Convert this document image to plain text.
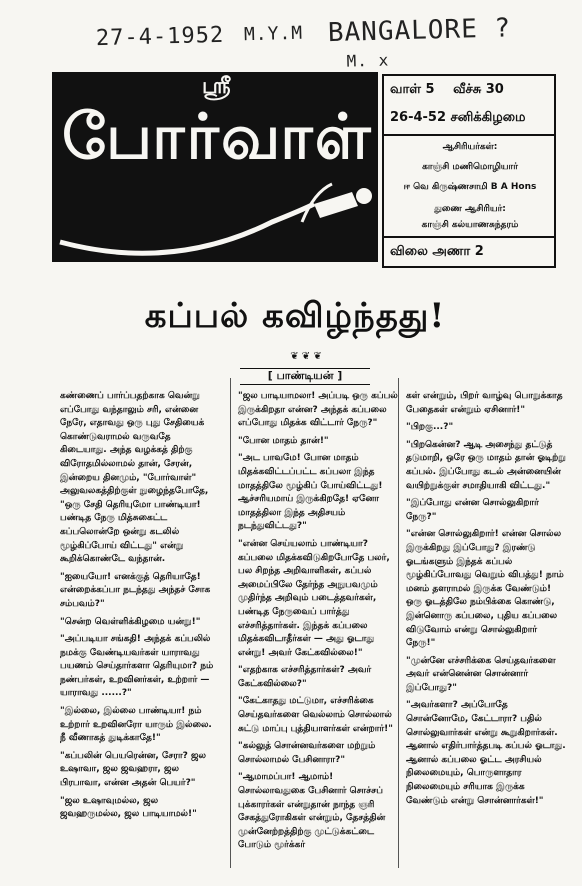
27-4-1952 M.Y.M BANGALORE ?
M. x
ஸ்ரீ
போர்வாள்
வாள் 5 வீச்சு 30
26-4-52 சனிக்கிழமை
ஆசிரியர்கள்:
காஞ்சி மணிமொழியார்
ஈ வெ கிருஷ்ணசாமி B A Hons
துணை ஆசிரியர்:
காஞ்சி கல்யாணசுந்தரம்
விலை அணா 2
கப்பல் கவிழ்ந்தது!
❦ ❦ ❦
[ பாண்டியன் ]

கண்ணைப் பார்ப்பதற்காக வென்று எப்போது வந்தாலும் சரி, என்னை நேரே, எதாவது ஒரு புது சேதியைக் கொண்டுவராமல் வருவதே கிடையாது. அந்த வழக்கத் திற்கு விரோதமில்லாமல் தான், சேரன், இன்றைய தினமும், "போர்வாள்" அலுவலகத்திற்குள் நுழைந்தபோதே, "ஒரு சேதி தெரியுமோ பாண்டியா! பண்டித நேரு மித்சுகைட்ட கப்பலொன்றே ஒன்று கடலில் மூழ்கிப்போய் விட்டது" என்று கூறிக்கொண்டே வந்தான்.

"ஐயையோ! எனக்குத் தெரியாதே! என்றைக்கப்பா நடந்தது அந்தச் சோக சம்பவம்?"

"சென்ற வெள்ளிக்கிழமை யன்று!"

"அப்படியா சங்கதி! அந்தக் கப்பலில் நமக்கு வேண்டியவர்கள் யாராவது பயணம் செய்தார்களா தெரியுமா? நம் நண்பர்கள், உறவினர்கள், உற்றார் — யாராவது ......?"

"இல்லை, இல்லை பாண்டியா! நம் உற்றார் உறவினரோ யாரும் இல்லை. நீ வீணாகத் துடிக்காதே!"

"கப்பலின் பெயரென்ன, சேரா? ஜல உஷாவா, ஜல ஜவஹரா, ஜல பிரபாவா, என்ன அதன் பெயர்?"

"ஜல உஷாவுமல்ல, ஜல ஜவஹருமல்ல, ஜல பாடியாமல்!"

"ஜல பாடியாமலா! அப்படி ஒரு கப்பல் இருக்கிறதா என்ன? அந்தக் கப்பலை எப்போது மிதக்க விட்டார் நேரு?"

"போன மாதம் தான்!"

"அட பாவமே! போன மாதம் மிதக்கவிட்டப்பட்ட கப்பலா இந்த மாதத்திலே மூழ்கிப் போய்விட்டது! ஆச்சரியமாய் இருக்கிறதே! ஏனோ மாதத்திலா இந்த அதிசயம் நடந்துவிட்டது?"

"என்ன செய்யலாம் பாண்டியா? கப்பலை மிதக்கவிடுகிறபோதே பலர், பல சிறந்த அறிவாளிகள், கப்பல் அமைப்பிலே தேர்ந்த அநுபவமும் முதிர்ந்த அறிவும் படைத்தவர்கள், பண்டித நேருவைப் பார்த்து எச்சரித்தார்கள். இந்தக் கப்பலை மிதக்கவிடாதீர்கள் — அது ஓடாது என்று! அவர் கேட்கவில்லை!"

"எதற்காக எச்சரித்தார்கள்? அவர் கேட்கவில்லை?"

"கேட்காதது மட்டுமா, எச்சரிக்கை செய்தவர்களை வெல்லாம் சொல்லால் சுட்டு மாப்பு புத்தியாளர்கள் என்றார்!"

"கல்லுத் சொன்னவர்களை மற்றும் சொல்லாமல் பேசினாரா?"

"ஆமாமப்பா! ஆமாம்! சொல்லாவதுகை பேசினார் சொச்சப் புக்காரர்கள் என்றுதான் நாந்த ஞரி சேகத்துரோகிகள் என்றும், தேசத்தின் முன்னேற்றத்திற்கு முட்டுக்கட்டை போடும் மூர்க்கர்

கள் என்றும், பிறர் வாழ்வு பொறுக்காத பேதைகள் என்றும் ஏசினார்!"

"பிறகு...?"

"பிறகென்ன? ஆடி அசைந்து தட்டுத் தடுமாறி, ஒரே ஒரு மாதம் தான் ஓடிற்று கப்பல். இப்போது கடல் அன்னையின் வயிற்றுக்குள் சமாதியாகி விட்டது."

"இப்போது என்ன சொல்லுகிறார் நேரு?"

"என்ன சொல்லுகிறார்! என்ன சொல்ல இருக்கிறது இப்போது? இரண்டு ஓடங்களும் இந்தக் கப்பல் மூழ்கிப்போவது வெறும் விபத்து! நாம் மனம் தளராமல் இருக்க வேண்டும்! ஒரு ஓடத்திலே நம்பிக்கை கொண்டு, இன்னொரு கப்பலை, புதிய கப்பலை விடுவோம் என்று சொல்லுகிறார் நேரு!"

"முன்னே எச்சரிக்கை செய்தவர்களை அவர் என்னென்ன சொன்னார் இப்போது?"

"அவர்களா? அப்போதே சொன்னோமே, கேட்டாரா? பதில் சொல்லுவார்கள் என்று கூறுகிறார்கள். ஆனால் எதிர்பார்த்தபடி கப்பல் ஓடாது. ஆனால் கப்பலை ஓட்ட அரசியல் நிலைமையும், பொருளாதார நிலைமையும் சரியாக இருக்க வேண்டும் என்று சொன்னார்கள்!"
